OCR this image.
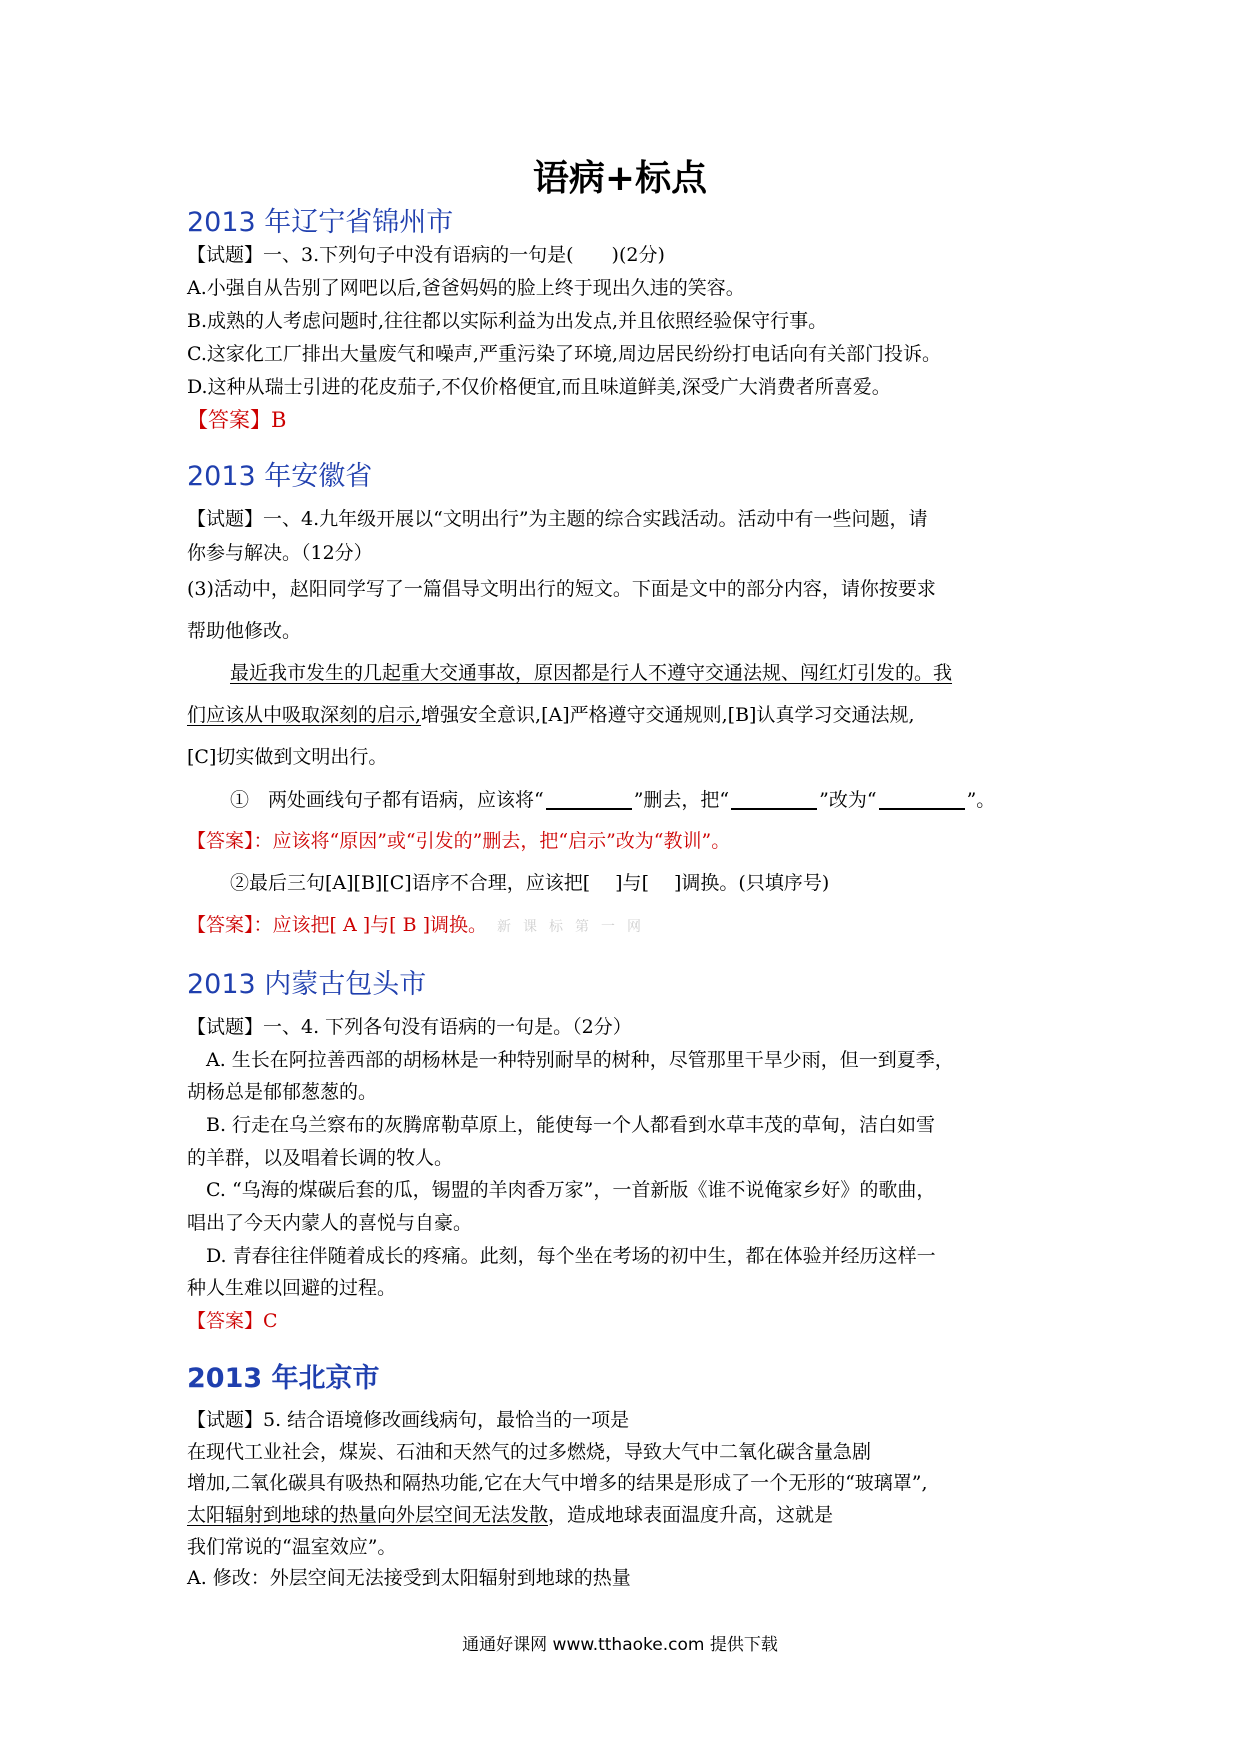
语病+标点
2013 年辽宁省锦州市
【试题】一、3.下列句子中没有语病的一句是(　　)(2分)
A.小强自从告别了网吧以后,爸爸妈妈的脸上终于现出久违的笑容。
B.成熟的人考虑问题时,往往都以实际利益为出发点,并且依照经验保守行事。
C.这家化工厂排出大量废气和噪声,严重污染了环境,周边居民纷纷打电话向有关部门投诉。
D.这种从瑞士引进的花皮茄子,不仅价格便宜,而且味道鲜美,深受广大消费者所喜爱。
【答案】B
2013 年安徽省
【试题】一、4.九年级开展以“文明出行”为主题的综合实践活动。活动中有一些问题，请
你参与解决。（12分）
(3)活动中，赵阳同学写了一篇倡导文明出行的短文。下面是文中的部分内容，请你按要求
帮助他修改。
最近我市发生的几起重大交通事故，原因都是行人不遵守交通法规、闯红灯引发的。我
们应该从中吸取深刻的启示,增强安全意识,[A]严格遵守交通规则,[B]认真学习交通法规,
[C]切实做到文明出行。
①　两处画线句子都有语病，应该将“	”删去，把“	”改为“	”。
【答案】：应该将“原因”或“引发的”删去，把“启示”改为“教训”。
②最后三句[A][B][C]语序不合理，应该把[　 ]与[　 ]调换。(只填序号)
【答案】：应该把[ A ]与[ B ]调换。 新课标第一网
2013 内蒙古包头市
【试题】一、4. 下列各句没有语病的一句是。（2分）
A. 生长在阿拉善西部的胡杨林是一种特别耐旱的树种，尽管那里干旱少雨，但一到夏季，
胡杨总是郁郁葱葱的。
B. 行走在乌兰察布的灰腾席勒草原上，能使每一个人都看到水草丰茂的草甸，洁白如雪
的羊群，以及唱着长调的牧人。
C. “乌海的煤碳后套的瓜，锡盟的羊肉香万家”，一首新版《谁不说俺家乡好》的歌曲，
唱出了今天内蒙人的喜悦与自豪。
D. 青春往往伴随着成长的疼痛。此刻，每个坐在考场的初中生，都在体验并经历这样一
种人生难以回避的过程。
【答案】C
2013 年北京市
【试题】5. 结合语境修改画线病句，最恰当的一项是
在现代工业社会，煤炭、石油和天然气的过多燃烧，导致大气中二氧化碳含量急剧
增加,二氧化碳具有吸热和隔热功能,它在大气中增多的结果是形成了一个无形的“玻璃罩”,
太阳辐射到地球的热量向外层空间无法发散，造成地球表面温度升高，这就是
我们常说的“温室效应”。
A. 修改：外层空间无法接受到太阳辐射到地球的热量
通通好课网 www.tthaoke.com 提供下载
